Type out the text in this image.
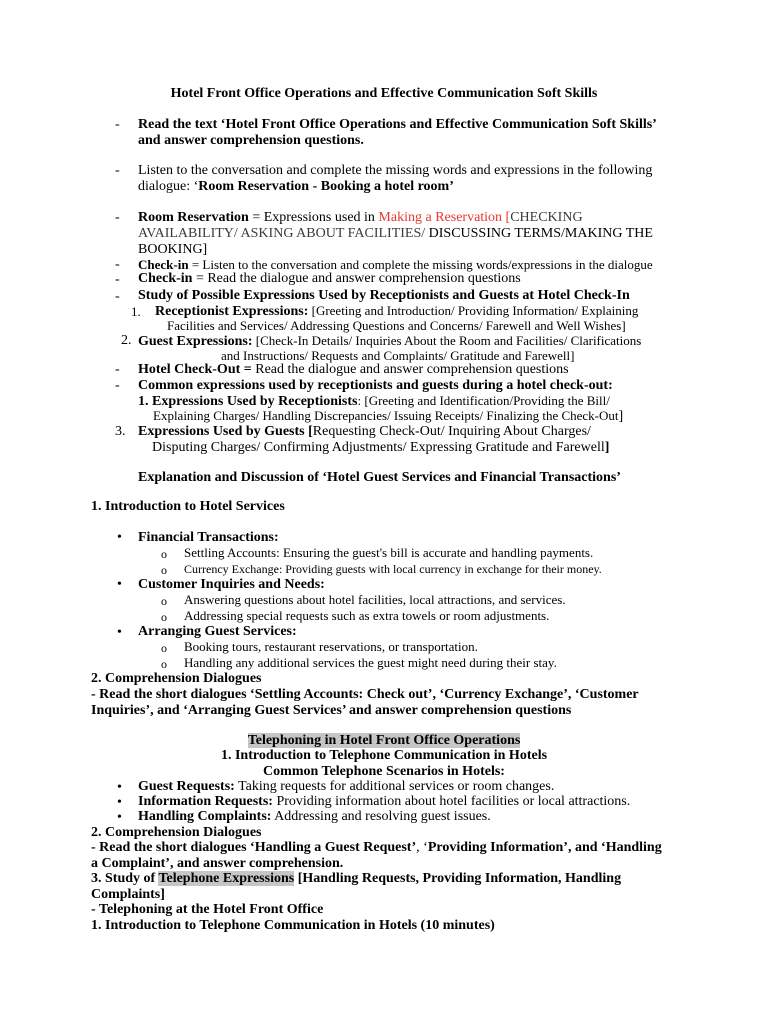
Hotel Front Office Operations and Effective Communication Soft Skills
- Read the text ‘Hotel Front Office Operations and Effective Communication Soft Skills’
and answer comprehension questions.
- Listen to the conversation and complete the missing words and expressions in the following
dialogue: ‘Room Reservation - Booking a hotel room’
- Room Reservation = Expressions used in Making a Reservation [CHECKING
AVAILABILITY/ ASKING ABOUT FACILITIES/ DISCUSSING TERMS/MAKING THE
BOOKING]
- Check-in = Listen to the conversation and complete the missing words/expressions in the dialogue
- Check-in = Read the dialogue and answer comprehension questions
- Study of Possible Expressions Used by Receptionists and Guests at Hotel Check-In
1. Receptionist Expressions: [Greeting and Introduction/ Providing Information/ Explaining
Facilities and Services/ Addressing Questions and Concerns/ Farewell and Well Wishes]
2. Guest Expressions: [Check-In Details/ Inquiries About the Room and Facilities/ Clarifications
and Instructions/ Requests and Complaints/ Gratitude and Farewell]
- Hotel Check-Out = Read the dialogue and answer comprehension questions
- Common expressions used by receptionists and guests during a hotel check-out:
1. Expressions Used by Receptionists: [Greeting and Identification/Providing the Bill/
Explaining Charges/ Handling Discrepancies/ Issuing Receipts/ Finalizing the Check-Out]
3. Expressions Used by Guests [Requesting Check-Out/ Inquiring About Charges/
Disputing Charges/ Confirming Adjustments/ Expressing Gratitude and Farewell]
Explanation and Discussion of ‘Hotel Guest Services and Financial Transactions’
1. Introduction to Hotel Services
• Financial Transactions:
o Settling Accounts: Ensuring the guest's bill is accurate and handling payments.
o Currency Exchange: Providing guests with local currency in exchange for their money.
• Customer Inquiries and Needs:
o Answering questions about hotel facilities, local attractions, and services.
o Addressing special requests such as extra towels or room adjustments.
• Arranging Guest Services:
o Booking tours, restaurant reservations, or transportation.
o Handling any additional services the guest might need during their stay.
2. Comprehension Dialogues
- Read the short dialogues ‘Settling Accounts: Check out’, ‘Currency Exchange’, ‘Customer
Inquiries’, and ‘Arranging Guest Services’ and answer comprehension questions
Telephoning in Hotel Front Office Operations
1. Introduction to Telephone Communication in Hotels
Common Telephone Scenarios in Hotels:
• Guest Requests: Taking requests for additional services or room changes.
• Information Requests: Providing information about hotel facilities or local attractions.
• Handling Complaints: Addressing and resolving guest issues.
2. Comprehension Dialogues
- Read the short dialogues ‘Handling a Guest Request’, ‘Providing Information’, and ‘Handling
a Complaint’, and answer comprehension.
3. Study of Telephone Expressions [Handling Requests, Providing Information, Handling
Complaints]
- Telephoning at the Hotel Front Office
1. Introduction to Telephone Communication in Hotels (10 minutes)
